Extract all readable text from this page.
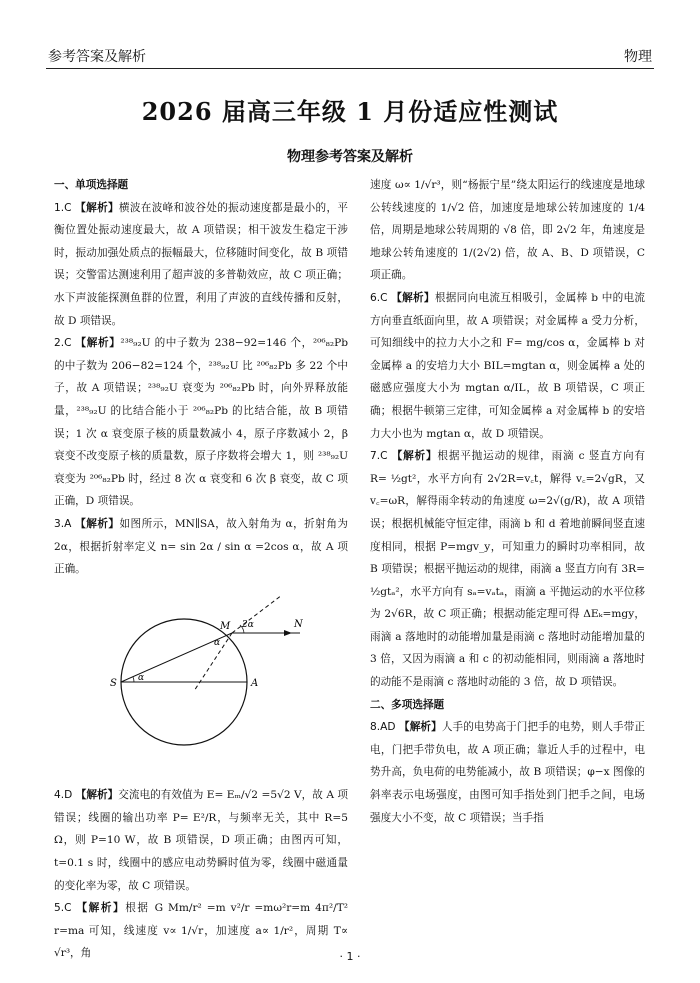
参考答案及解析	物理
2026 届高三年级 1 月份适应性测试
物理参考答案及解析
一、单项选择题

1.C 【解析】横波在波峰和波谷处的振动速度都是最小的，平衡位置处振动速度最大，故 A 项错误；相干波发生稳定干涉时，振动加强处质点的振幅最大，位移随时间变化，故 B 项错误；交警雷达测速利用了超声波的多普勒效应，故 C 项正确；水下声波能探测鱼群的位置，利用了声波的直线传播和反射，故 D 项错误。

2.C 【解析】²³⁸₉₂U 的中子数为 238−92=146 个，²⁰⁶₈₂Pb 的中子数为 206−82=124 个，²³⁸₉₂U 比 ²⁰⁶₈₂Pb 多 22 个中子，故 A 项错误；²³⁸₉₂U 衰变为 ²⁰⁶₈₂Pb 时，向外界释放能量，²³⁸₉₂U 的比结合能小于 ²⁰⁶₈₂Pb 的比结合能，故 B 项错误；1 次 α 衰变原子核的质量数减小 4，原子序数减小 2，β 衰变不改变原子核的质量数，原子序数将会增大 1，则 ²³⁸₉₂U 衰变为 ²⁰⁶₈₂Pb 时，经过 8 次 α 衰变和 6 次 β 衰变，故 C 项正确，D 项错误。

3.A 【解析】如图所示，MN∥SA，故入射角为 α，折射角为 2α，根据折射率定义 n= sin 2α / sin α =2cos α，故 A 项正确。

M	N
S	A
α
α
2α

4.D 【解析】交流电的有效值为 E= Eₘ/√2 =5√2 V，故 A 项错误；线圈的输出功率 P= E²/R，与频率无关，其中 R=5 Ω，则 P=10 W，故 B 项错误，D 项正确；由图丙可知，t=0.1 s 时，线圈中的感应电动势瞬时值为零，线圈中磁通量的变化率为零，故 C 项错误。

5.C 【解析】根据 G Mm/r² =m v²/r =mω²r=m 4π²/T² r=ma 可知，线速度 v∝ 1/√r，加速度 a∝ 1/r²，周期 T∝ √r³，角

速度 ω∝ 1/√r³，则“杨振宁星”绕太阳运行的线速度是地球公转线速度的 1/√2 倍，加速度是地球公转加速度的 1/4 倍，周期是地球公转周期的 √8 倍，即 2√2 年，角速度是地球公转角速度的 1/(2√2) 倍，故 A、B、D 项错误，C 项正确。

6.C 【解析】根据同向电流互相吸引，金属棒 b 中的电流方向垂直纸面向里，故 A 项错误；对金属棒 a 受力分析，可知细线中的拉力大小之和 F= mg/cos α，金属棒 b 对金属棒 a 的安培力大小 BIL=mgtan α，则金属棒 a 处的磁感应强度大小为 mgtan α/IL，故 B 项错误，C 项正确；根据牛顿第三定律，可知金属棒 a 对金属棒 b 的安培力大小也为 mgtan α，故 D 项错误。

7.C 【解析】根据平抛运动的规律，雨滴 c 竖直方向有 R= ½gt²，水平方向有 2√2R=v꜀t，解得 v꜀=2√gR，又 v꜀=ωR，解得雨伞转动的角速度 ω=2√(g/R)，故 A 项错误；根据机械能守恒定律，雨滴 b 和 d 着地前瞬间竖直速度相同，根据 P=mgv_y，可知重力的瞬时功率相同，故 B 项错误；根据平抛运动的规律，雨滴 a 竖直方向有 3R= ½gtₐ²，水平方向有 sₐ=vₐtₐ，雨滴 a 平抛运动的水平位移为 2√6R，故 C 项正确；根据动能定理可得 ΔEₖ=mgy，雨滴 a 落地时的动能增加量是雨滴 c 落地时动能增加量的 3 倍，又因为雨滴 a 和 c 的初动能相同，则雨滴 a 落地时的动能不是雨滴 c 落地时动能的 3 倍，故 D 项错误。

二、多项选择题

8.AD 【解析】人手的电势高于门把手的电势，则人手带正电，门把手带负电，故 A 项正确；靠近人手的过程中，电势升高，负电荷的电势能减小，故 B 项错误；φ−x 图像的斜率表示电场强度，由图可知手指处到门把手之间，电场强度大小不变，故 C 项错误；当手指

· 1 ·
